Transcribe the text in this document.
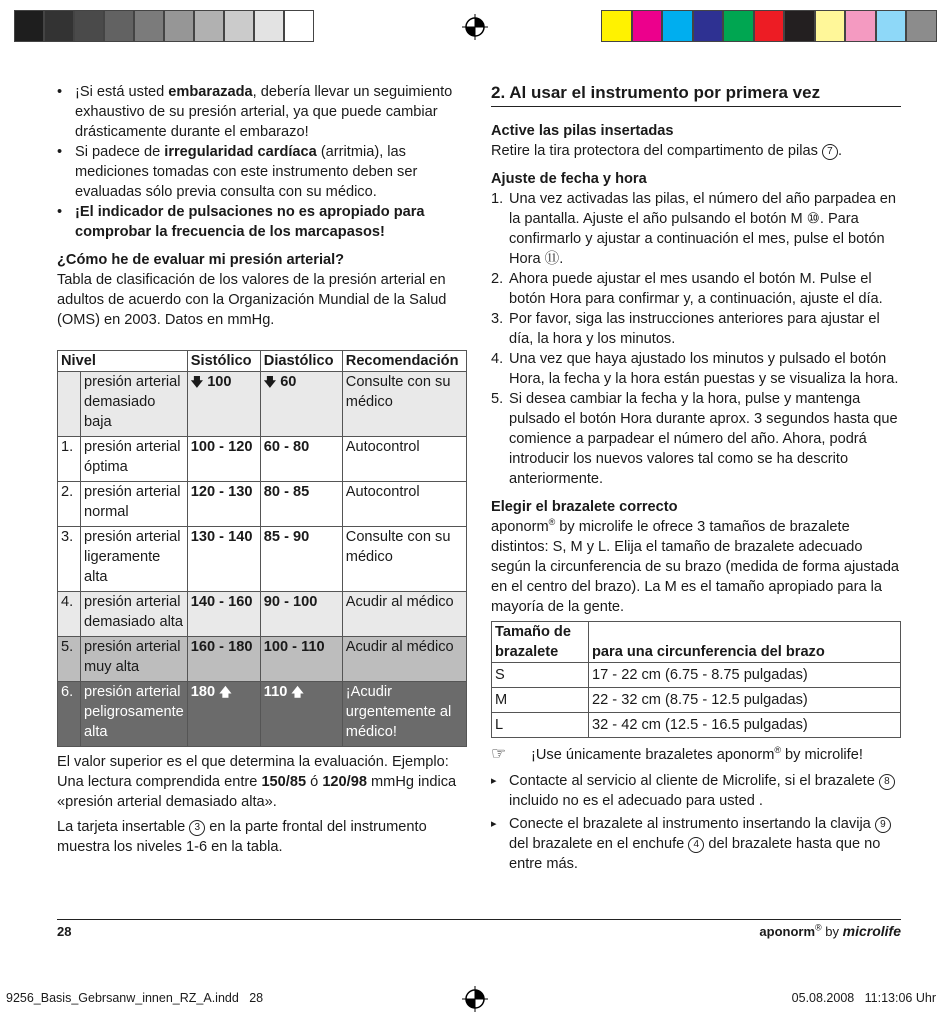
• ¡Si está usted embarazada, debería llevar un seguimiento exhaustivo de su presión arterial, ya que puede cambiar drásticamente durante el embarazo!

• Si padece de irregularidad cardíaca (arritmia), las mediciones tomadas con este instrumento deben ser evaluadas sólo previa consulta con su médico.

• ¡El indicador de pulsaciones no es apropiado para comprobar la frecuencia de los marcapasos!

¿Cómo he de evaluar mi presión arterial?

Tabla de clasificación de los valores de la presión arterial en adultos de acuerdo con la Organización Mundial de la Salud (OMS) en 2003. Datos en mmHg.

Nivel		Sistólico	Diastólico	Recomendación
	presión arterial demasiado baja	🡇 100	🡇 60	Consulte con su médico
1.	presión arterial óptima	100 - 120	60 - 80	Autocontrol
2.	presión arterial normal	120 - 130	80 - 85	Autocontrol
3.	presión arterial ligeramente alta	130 - 140	85 - 90	Consulte con su médico
4.	presión arterial demasiado alta	140 - 160	90 - 100	Acudir al médico
5.	presión arterial muy alta	160 - 180	100 - 110	Acudir al médico
6.	presión arterial peligrosamente alta	180 🡅	110 🡅	¡Acudir urgentemente al médico!

El valor superior es el que determina la evaluación. Ejemplo: Una lectura comprendida entre 150/85 ó 120/98 mmHg indica «presión arterial demasiado alta».

La tarjeta insertable 3 en la parte frontal del instrumento muestra los niveles 1-6 en la tabla.

2. Al usar el instrumento por primera vez

Active las pilas insertadas

Retire la tira protectora del compartimento de pilas 7 .

Ajuste de fecha y hora

1. Una vez activadas las pilas, el número del año parpadea en la pantalla. Ajuste el año pulsando el botón M ⑩. Para confirmarlo y ajustar a continuación el mes, pulse el botón Hora ⑪.

2. Ahora puede ajustar el mes usando el botón M. Pulse el botón Hora para confirmar y, a continuación, ajuste el día.

3. Por favor, siga las instrucciones anteriores para ajustar el día, la hora y los minutos.

4. Una vez que haya ajustado los minutos y pulsado el botón Hora, la fecha y la hora están puestas y se visualiza la hora.

5. Si desea cambiar la fecha y la hora, pulse y mantenga pulsado el botón Hora durante aprox. 3 segundos hasta que comience a parpadear el número del año. Ahora, podrá introducir los nuevos valores tal como se ha descrito anteriormente.

Elegir el brazalete correcto

aponorm® by microlife le ofrece 3 tamaños de brazalete distintos: S, M y L. Elija el tamaño de brazalete adecuado según la circunferencia de su brazo (medida de forma ajustada en el centro del brazo). La M es el tamaño apropiado para la mayoría de la gente.

Tamaño de brazalete	para una circunferencia del brazo
S	17 - 22 cm (6.75 - 8.75 pulgadas)
M	22 - 32 cm (8.75 - 12.5 pulgadas)
L	32 - 42 cm (12.5 - 16.5 pulgadas)

☞ ¡Use únicamente brazaletes aponorm® by microlife!

▸ Contacte al servicio al cliente de Microlife, si el brazalete 8 incluido no es el adecuado para usted .

▸ Conecte el brazalete al instrumento insertando la clavija 9 del brazalete en el enchufe 4 del brazalete hasta que no entre más.

28	aponorm® by microlife
9256_Basis_Gebrsanw_innen_RZ_A.indd   28	05.08.2008   11:13:06 Uhr
